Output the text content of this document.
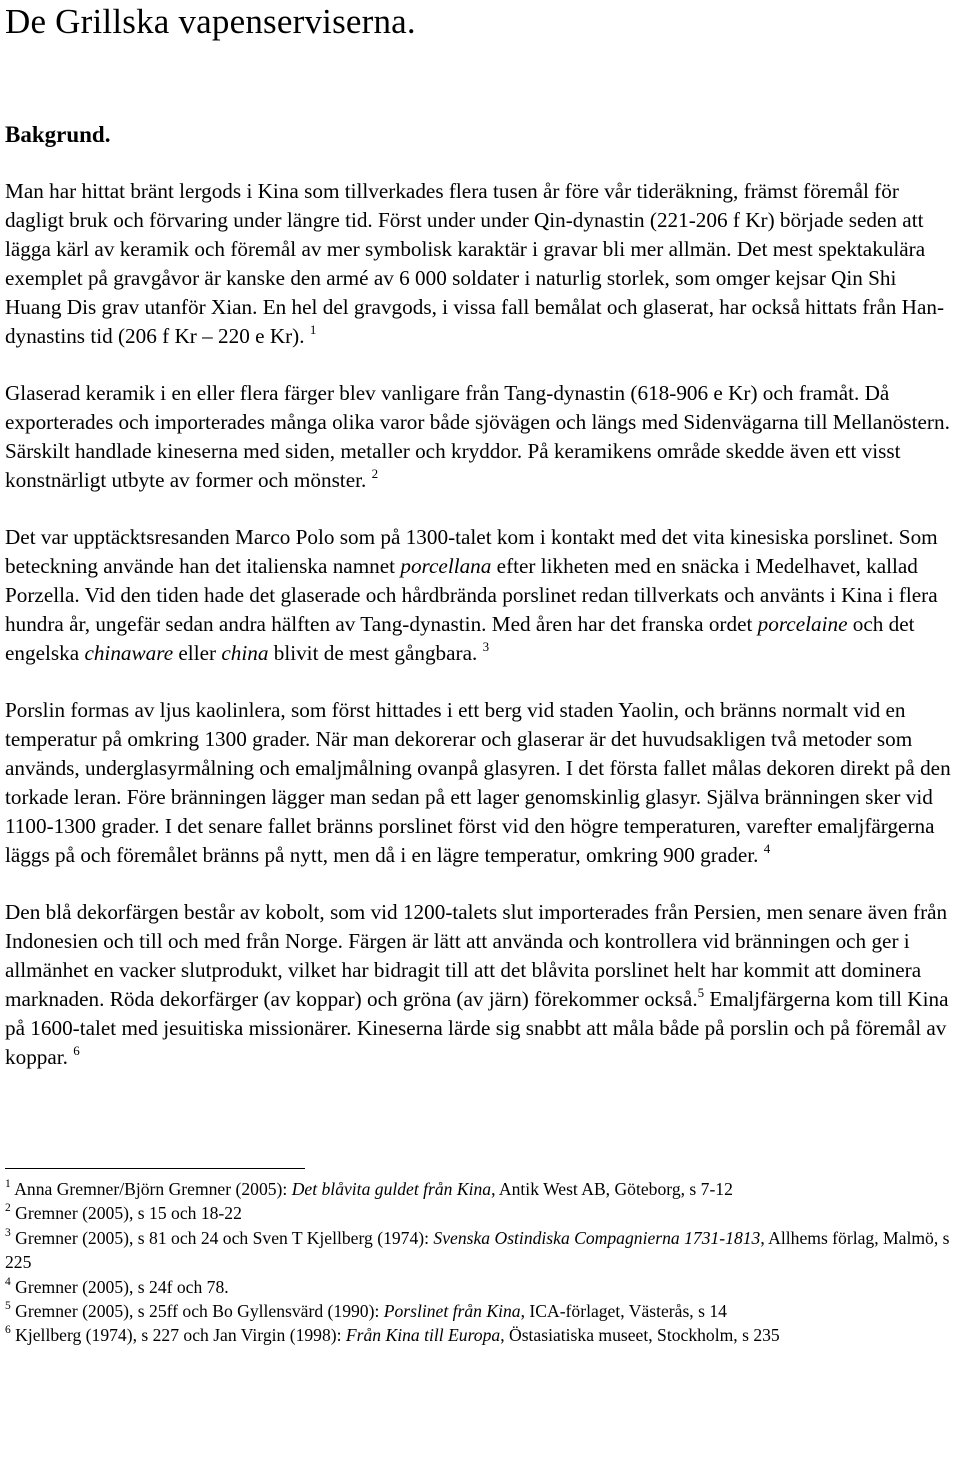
De Grillska vapenserviserna.
Bakgrund.

Man har hittat bränt lergods i Kina som tillverkades flera tusen år före vår tideräkning, främst föremål för dagligt bruk och förvaring under längre tid. Först under under Qin-dynastin (221-206 f Kr) började seden att lägga kärl av keramik och föremål av mer symbolisk karaktär i gravar bli mer allmän. Det mest spektakulära exemplet på gravgåvor är kanske den armé av 6 000 soldater i naturlig storlek, som omger kejsar Qin Shi Huang Dis grav utanför Xian. En hel del gravgods, i vissa fall bemålat och glaserat, har också hittats från Han-dynastins tid (206 f Kr – 220 e Kr). $^1$

Glaserad keramik i en eller flera färger blev vanligare från Tang-dynastin (618-906 e Kr) och framåt. Då exporterades och importerades många olika varor både sjövägen och längs med Sidenvägarna till Mellanöstern. Särskilt handlade kineserna med siden, metaller och kryddor. På keramikens område skedde även ett visst konstnärligt utbyte av former och mönster. $^2$

Det var upptäcktsresanden Marco Polo som på 1300-talet kom i kontakt med det vita kinesiska porslinet. Som beteckning använde han det italienska namnet porcellana efter likheten med en snäcka i Medelhavet, kallad Porzella. Vid den tiden hade det glaserade och hårdbrända porslinet redan tillverkats och använts i Kina i flera hundra år, ungefär sedan andra hälften av Tang-dynastin. Med åren har det franska ordet porcelaine och det engelska chinaware eller china blivit de mest gångbara. $^3$

Porslin formas av ljus kaolinlera, som först hittades i ett berg vid staden Yaolin, och bränns normalt vid en temperatur på omkring 1300 grader. När man dekorerar och glaserar är det huvudsakligen två metoder som används, underglasyrmålning och emaljmålning ovanpå glasyren. I det första fallet målas dekoren direkt på den torkade leran. Före bränningen lägger man sedan på ett lager genomskinlig glasyr. Själva bränningen sker vid 1100-1300 grader. I det senare fallet bränns porslinet först vid den högre temperaturen, varefter emaljfärgerna läggs på och föremålet bränns på nytt, men då i en lägre temperatur, omkring 900 grader. $^4$

Den blå dekorfärgen består av kobolt, som vid 1200-talets slut importerades från Persien, men senare även från Indonesien och till och med från Norge. Färgen är lätt att använda och kontrollera vid bränningen och ger i allmänhet en vacker slutprodukt, vilket har bidragit till att det blåvita porslinet helt har kommit att dominera marknaden. Röda dekorfärger (av koppar) och gröna (av järn) förekommer också.$^5$ Emaljfärgerna kom till Kina på 1600-talet med jesuitiska missionärer. Kineserna lärde sig snabbt att måla både på porslin och på föremål av koppar. $^6$

$^1$ Anna Gremner/Björn Gremner (2005): Det blåvita guldet från Kina, Antik West AB, Göteborg, s 7-12
$^2$ Gremner (2005), s 15 och 18-22
$^3$ Gremner (2005), s 81 och 24 och Sven T Kjellberg (1974): Svenska Ostindiska Compagnierna 1731-1813, Allhems förlag, Malmö, s 225
$^4$ Gremner (2005), s 24f och 78.
$^5$ Gremner (2005), s 25ff och Bo Gyllensvärd (1990): Porslinet från Kina, ICA-förlaget, Västerås, s 14
$^6$ Kjellberg (1974), s 227 och Jan Virgin (1998): Från Kina till Europa, Östasiatiska museet, Stockholm, s 235
